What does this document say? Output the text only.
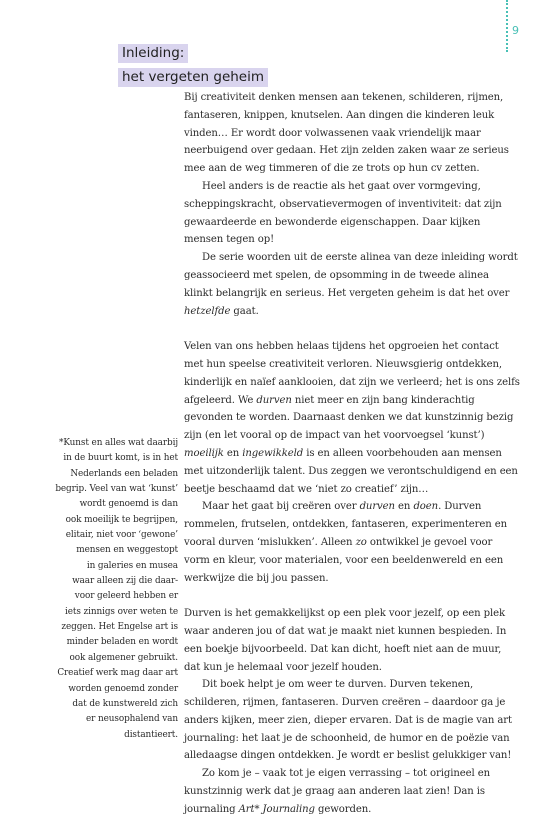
9
Inleiding:
het vergeten geheim

Bij creativiteit denken mensen aan tekenen, schilderen, rijmen, fantaseren, knippen, knutselen. Aan dingen die kinderen leuk vinden… Er wordt door volwassenen vaak vriendelijk maar neerbuigend over gedaan. Het zijn zelden zaken waar ze serieus mee aan de weg timmeren of die ze trots op hun cv zetten.

Heel anders is de reactie als het gaat over vormgeving, scheppingskracht, observatievermogen of inventiviteit: dat zijn gewaardeerde en bewonderde eigenschappen. Daar kijken mensen tegen op!

De serie woorden uit de eerste alinea van deze inleiding wordt geassocieerd met spelen, de opsomming in de tweede alinea klinkt belangrijk en serieus. Het vergeten geheim is dat het over hetzelfde gaat.

Velen van ons hebben helaas tijdens het opgroeien het contact met hun speelse creativiteit verloren. Nieuwsgierig ontdekken, kinderlijk en naïef aanklooien, dat zijn we verleerd; het is ons zelfs afgeleerd. We durven niet meer en zijn bang kinderachtig gevonden te worden. Daarnaast denken we dat kunstzinnig bezig zijn (en let vooral op de impact van het voorvoegsel ‘kunst’) moeilijk en ingewikkeld is en alleen voorbehouden aan mensen met uitzonderlijk talent. Dus zeggen we verontschuldigend en een beetje beschaamd dat we ‘niet zo creatief’ zijn…

Maar het gaat bij creëren over durven en doen. Durven rommelen, frutselen, ontdekken, fantaseren, experimenteren en vooral durven ‘mislukken’. Alleen zo ontwikkel je gevoel voor vorm en kleur, voor materialen, voor een beeldenwereld en een werkwijze die bij jou passen.

Durven is het gemakkelijkst op een plek voor jezelf, op een plek waar anderen jou of dat wat je maakt niet kunnen bespieden. In een boekje bijvoorbeeld. Dat kan dicht, hoeft niet aan de muur, dat kun je helemaal voor jezelf houden.

Dit boek helpt je om weer te durven. Durven tekenen, schilderen, rijmen, fantaseren. Durven creëren – daardoor ga je anders kijken, meer zien, dieper ervaren. Dat is de magie van art journaling: het laat je de schoonheid, de humor en de poëzie van alledaagse dingen ontdekken. Je wordt er beslist gelukkiger van!

Zo kom je – vaak tot je eigen verrassing – tot origineel en kunstzinnig werk dat je graag aan anderen laat zien! Dan is journaling Art* Journaling geworden.

*Kunst en alles wat daarbij

in de buurt komt, is in het

Nederlands een beladen

begrip. Veel van wat ‘kunst’

wordt genoemd is dan

ook moeilijk te begrijpen,

elitair, niet voor ‘gewone’

mensen en weggestopt

in galeries en musea

waar alleen zij die daar-

voor geleerd hebben er

iets zinnigs over weten te

zeggen. Het Engelse art is

minder beladen en wordt

ook algemener gebruikt.

Creatief werk mag daar art

worden genoemd zonder

dat de kunstwereld zich

er neusophalend van

distantieert.
